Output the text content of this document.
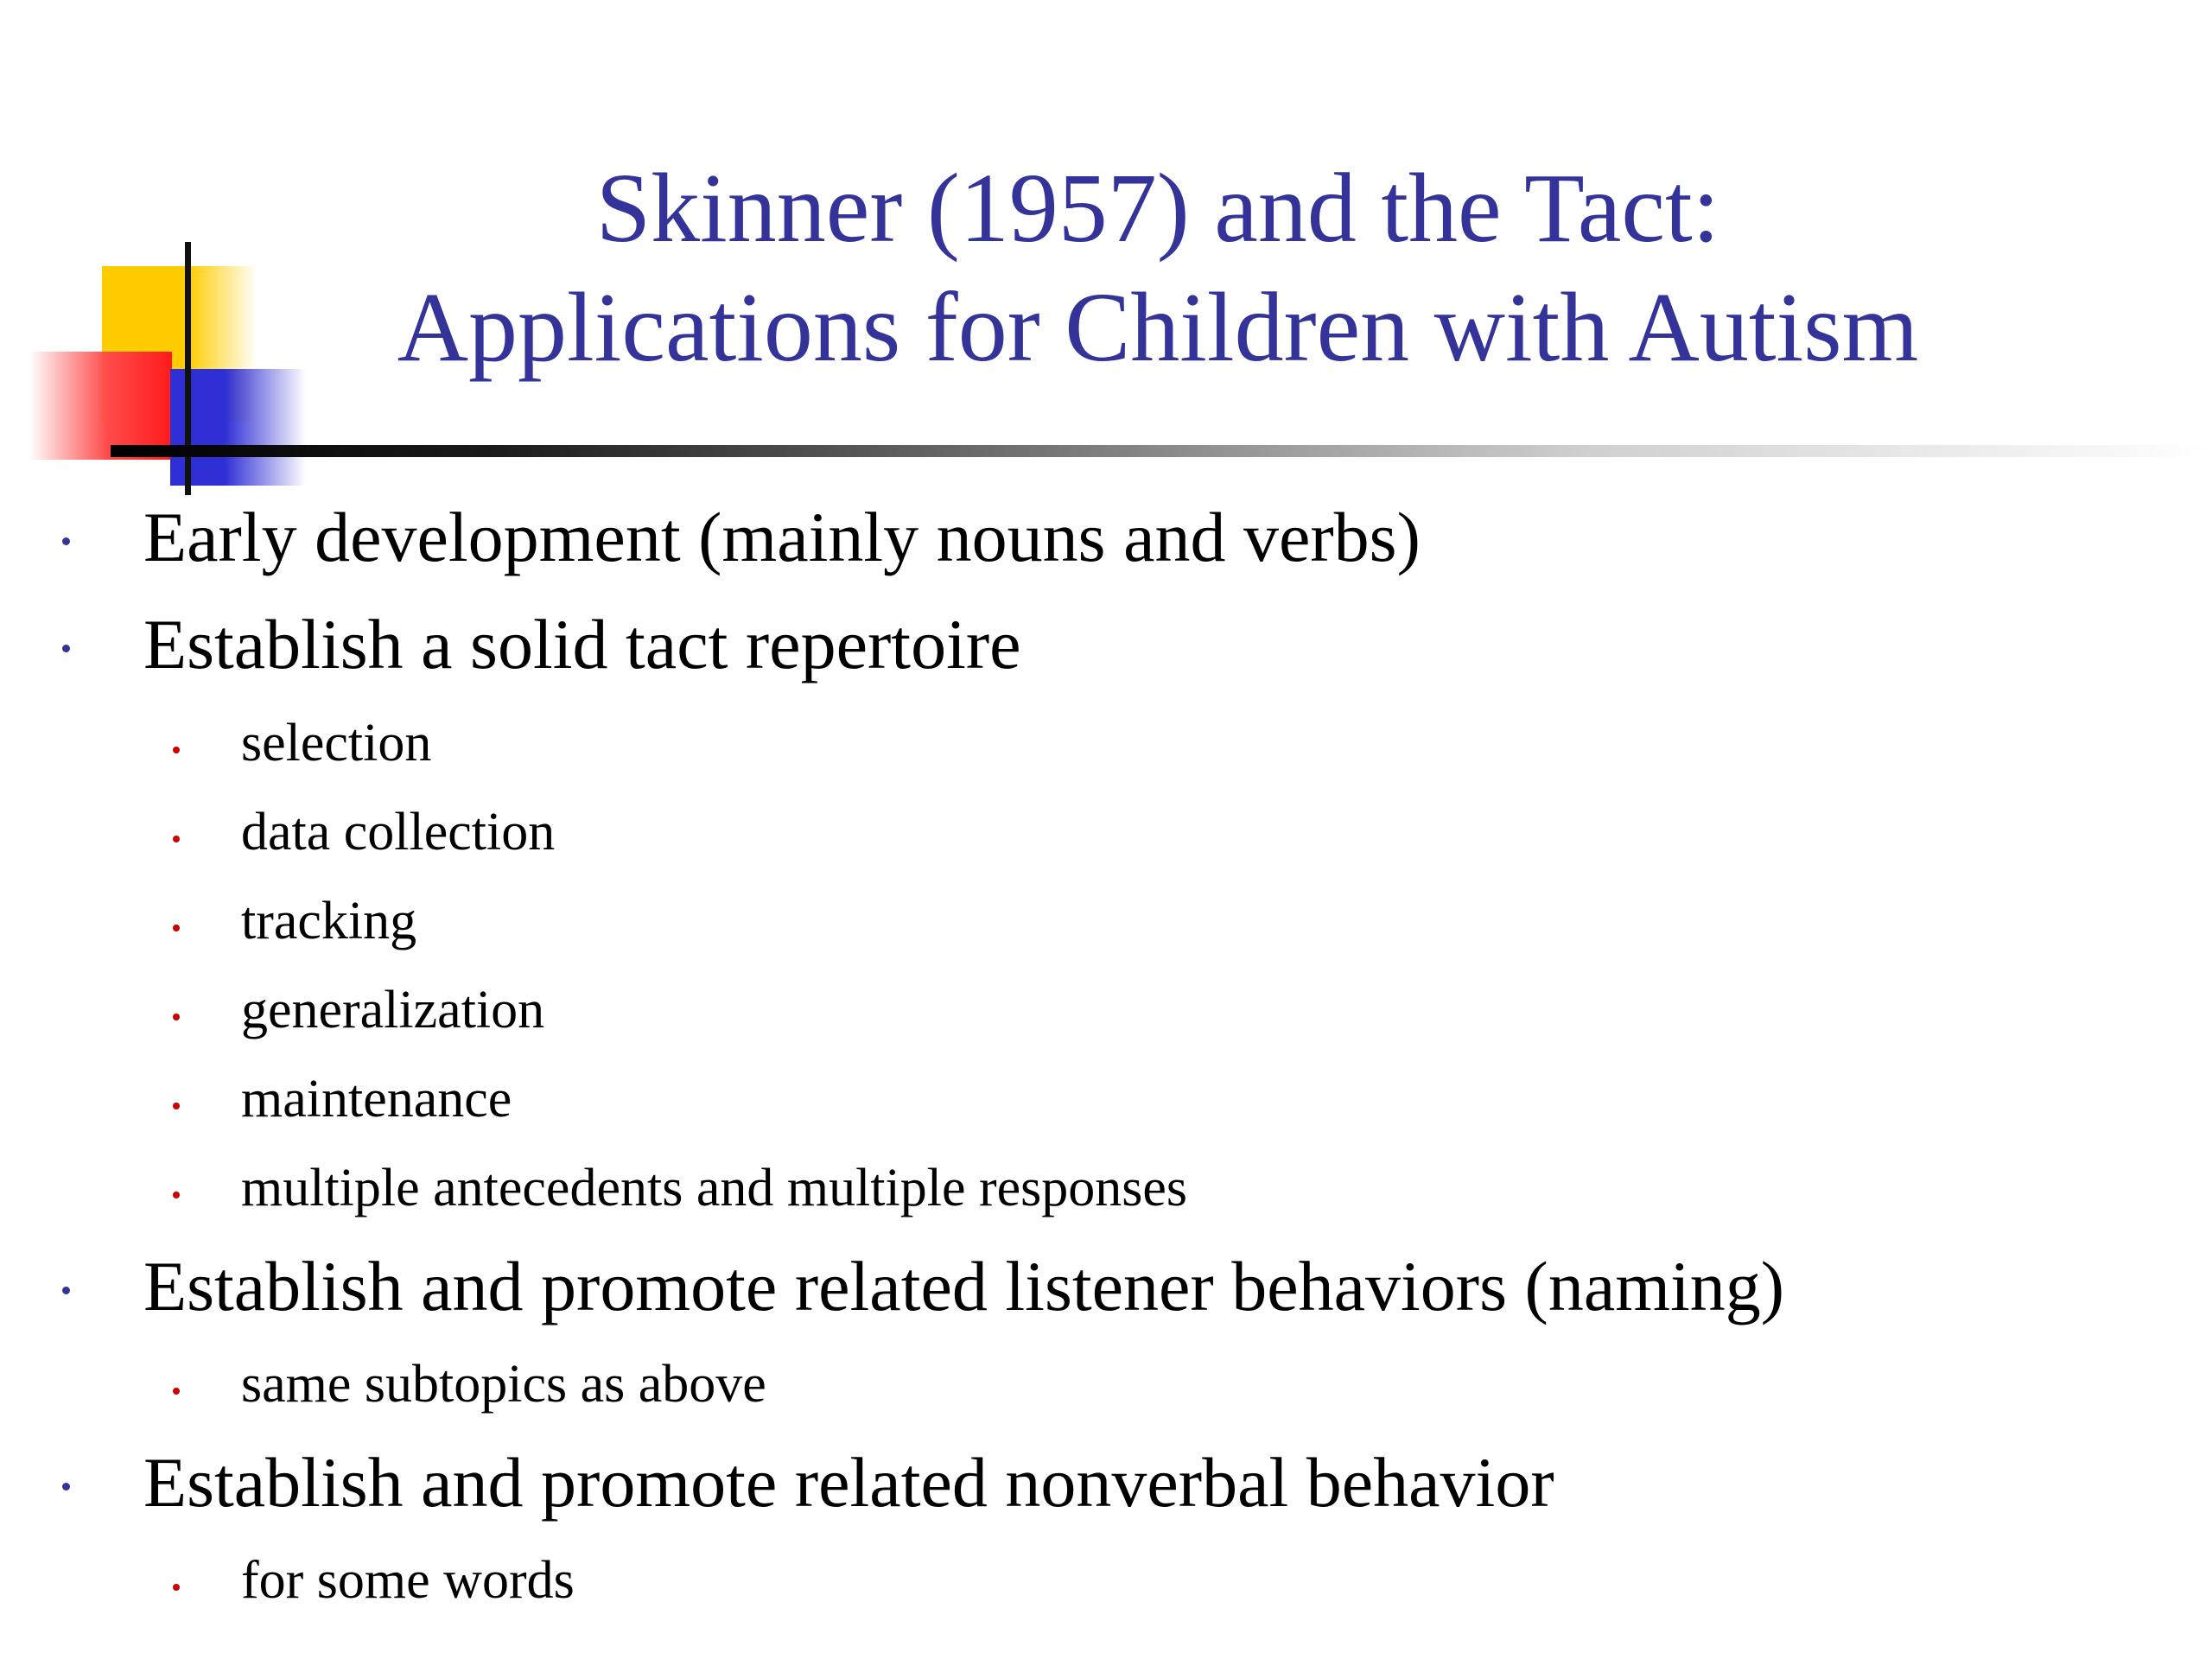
Skinner (1957) and the Tact:
Applications for Children with Autism
Early development (mainly nouns and verbs)
Establish a solid tact repertoire
selection
data collection
tracking
generalization
maintenance
multiple antecedents and multiple responses
Establish and promote related listener behaviors (naming)
same subtopics as above
Establish and promote related nonverbal behavior
for some words
